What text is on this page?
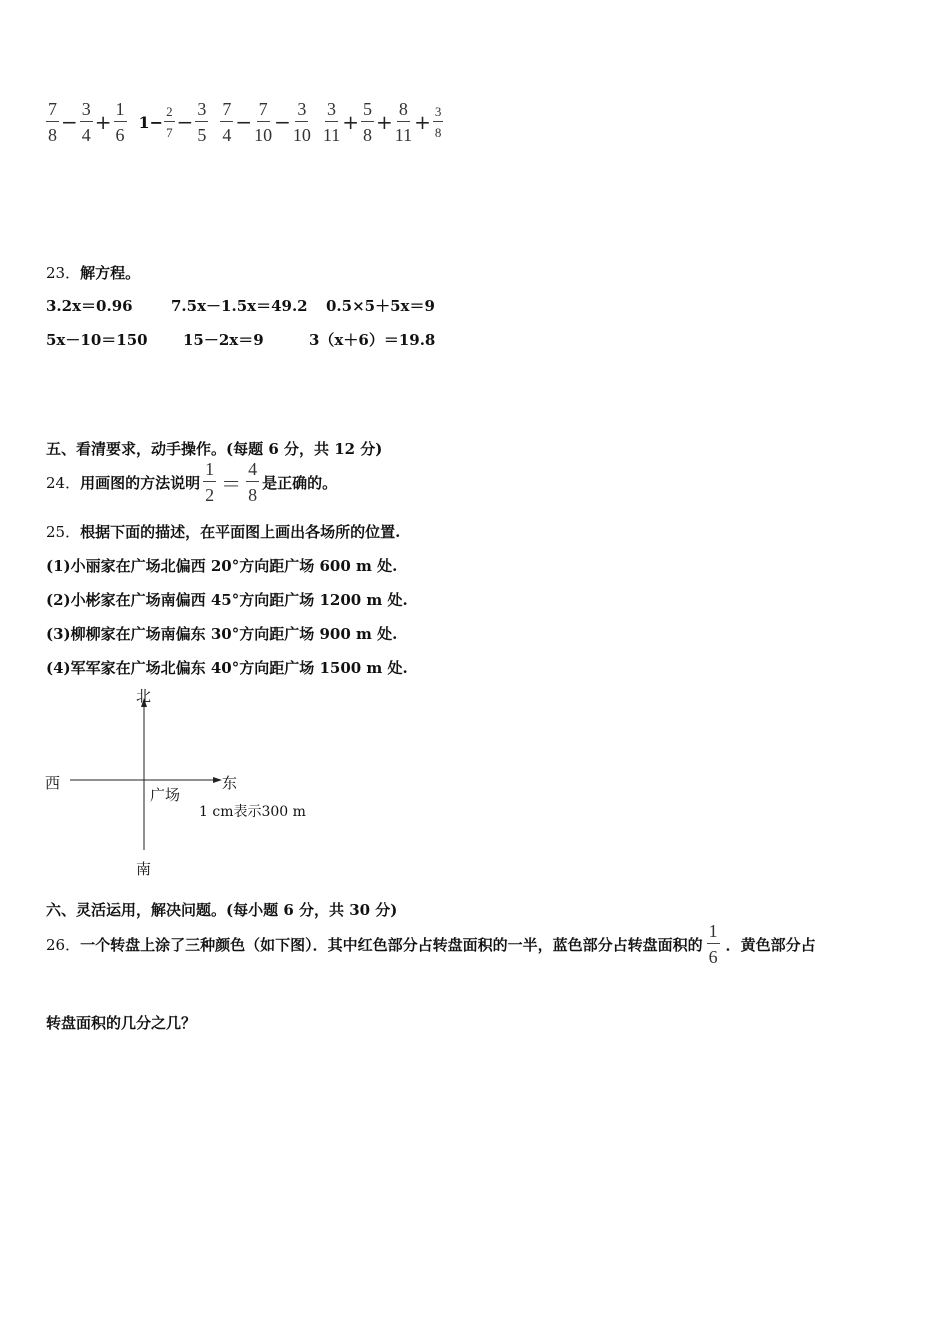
$\frac{7}{8} - \frac{3}{4} + \frac{1}{6} 1- \frac{2}{7} - \frac{3}{5} \frac{7}{4} - \frac{7}{10} - \frac{3}{10} \frac{3}{11} + \frac{5}{8} + \frac{8}{11} + \frac{3}{8}$
23．解方程。
3.2x＝0.96	7.5x－1.5x＝49.2 0.5×5＋5x＝9
5x－10＝150 15－2x＝9	3（x＋6）＝19.8
五、看清要求，动手操作。(每题 6 分，共 12 分)
24． 用画图的方法说明 $\frac{1}{2} = \frac{4}{8}$ 是正确的。
25．根据下面的描述，在平面图上画出各场所的位置.
(1)小丽家在广场北偏西 20°方向距广场 600 m 处.
(2)小彬家在广场南偏西 45°方向距广场 1200 m 处.
(3)柳柳家在广场南偏东 30°方向距广场 900 m 处.
(4)军军家在广场北偏东 40°方向距广场 1500 m 处.
北
南
西	东
广场
1 cm表示300 m
六、灵活运用，解决问题。(每小题 6 分，共 30 分)
26． 一个转盘上涂了三种颜色（如下图）．其中红色部分占转盘面积的一半，蓝色部分占转盘面积的 $\frac{1}{6}$ ．黄色部分占
转盘面积的几分之几？
